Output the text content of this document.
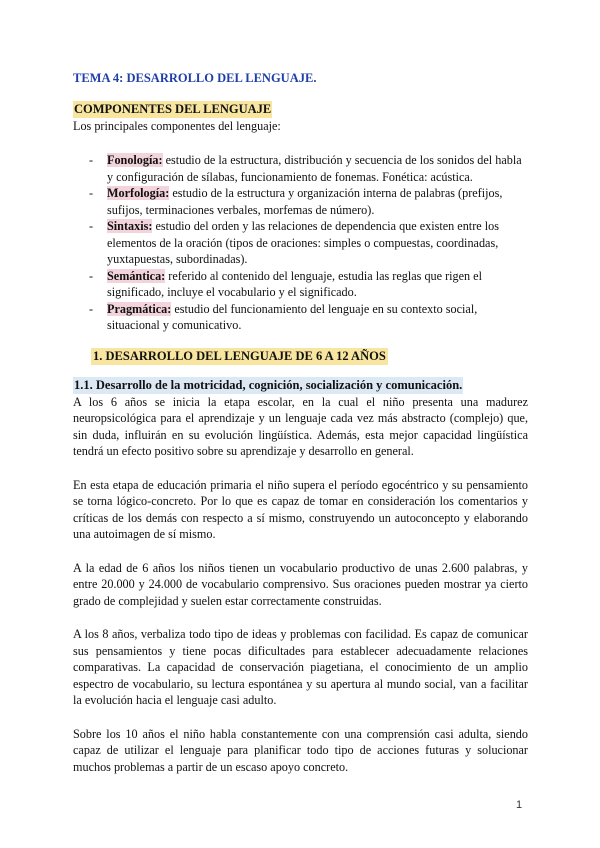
TEMA 4: DESARROLLO DEL LENGUAJE.
COMPONENTES DEL LENGUAJE
Los principales componentes del lenguaje:
- Fonología: estudio de la estructura, distribución y secuencia de los sonidos del habla y configuración de sílabas, funcionamiento de fonemas. Fonética: acústica.
- Morfología: estudio de la estructura y organización interna de palabras (prefijos, sufijos, terminaciones verbales, morfemas de número).
- Sintaxis: estudio del orden y las relaciones de dependencia que existen entre los elementos de la oración (tipos de oraciones: simples o compuestas, coordinadas, yuxtapuestas, subordinadas).
- Semántica: referido al contenido del lenguaje, estudia las reglas que rigen el significado, incluye el vocabulario y el significado.
- Pragmática: estudio del funcionamiento del lenguaje en su contexto social, situacional y comunicativo.
1. DESARROLLO DEL LENGUAJE DE 6 A 12 AÑOS
1.1. Desarrollo de la motricidad, cognición, socialización y comunicación.

A los 6 años se inicia la etapa escolar, en la cual el niño presenta una madurez neuropsicológica para el aprendizaje y un lenguaje cada vez más abstracto (complejo) que, sin duda, influirán en su evolución lingüística. Además, esta mejor capacidad lingüística tendrá un efecto positivo sobre su aprendizaje y desarrollo en general.

En esta etapa de educación primaria el niño supera el período egocéntrico y su pensamiento se torna lógico-concreto. Por lo que es capaz de tomar en consideración los comentarios y críticas de los demás con respecto a sí mismo, construyendo un autoconcepto y elaborando una autoimagen de sí mismo.

A la edad de 6 años los niños tienen un vocabulario productivo de unas 2.600 palabras, y entre 20.000 y 24.000 de vocabulario comprensivo. Sus oraciones pueden mostrar ya cierto grado de complejidad y suelen estar correctamente construidas.

A los 8 años, verbaliza todo tipo de ideas y problemas con facilidad. Es capaz de comunicar sus pensamientos y tiene pocas dificultades para establecer adecuadamente relaciones comparativas. La capacidad de conservación piagetiana, el conocimiento de un amplio espectro de vocabulario, su lectura espontánea y su apertura al mundo social, van a facilitar la evolución hacia el lenguaje casi adulto.

Sobre los 10 años el niño habla constantemente con una comprensión casi adulta, siendo capaz de utilizar el lenguaje para planificar todo tipo de acciones futuras y solucionar muchos problemas a partir de un escaso apoyo concreto.

1
